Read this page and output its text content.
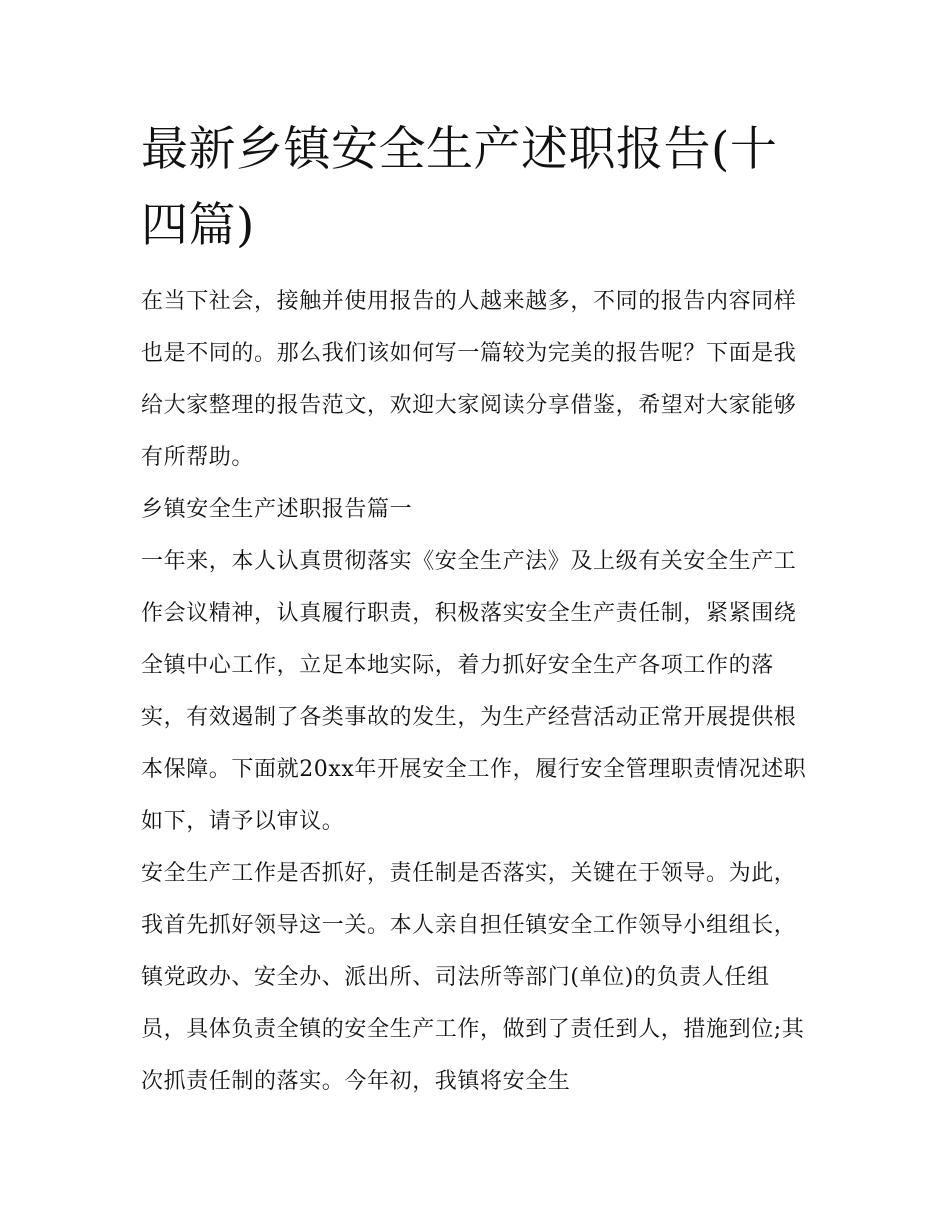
最新乡镇安全生产述职报告(十四篇)

在当下社会，接触并使用报告的人越来越多，不同的报告内容同样也是不同的。那么我们该如何写一篇较为完美的报告呢？下面是我给大家整理的报告范文，欢迎大家阅读分享借鉴，希望对大家能够有所帮助。

乡镇安全生产述职报告篇一

一年来，本人认真贯彻落实《安全生产法》及上级有关安全生产工作会议精神，认真履行职责，积极落实安全生产责任制，紧紧围绕全镇中心工作，立足本地实际，着力抓好安全生产各项工作的落实，有效遏制了各类事故的发生，为生产经营活动正常开展提供根本保障。下面就20xx年开展安全工作，履行安全管理职责情况述职如下，请予以审议。

安全生产工作是否抓好，责任制是否落实，关键在于领导。为此，我首先抓好领导这一关。本人亲自担任镇安全工作领导小组组长，镇党政办、安全办、派出所、司法所等部门(单位)的负责人任组员，具体负责全镇的安全生产工作，做到了责任到人，措施到位;其次抓责任制的落实。今年初，我镇将安全生
